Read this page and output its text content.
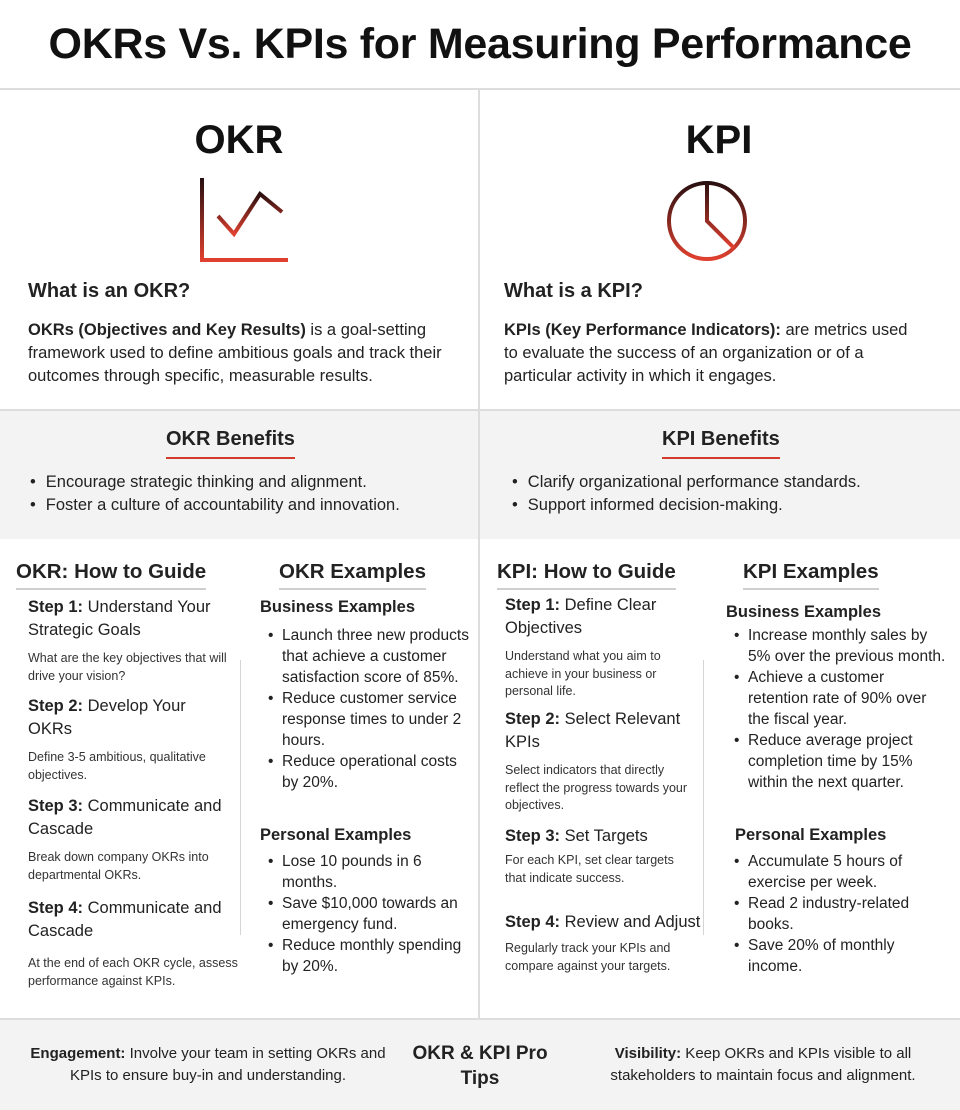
OKRs Vs. KPIs for Measuring Performance
OKR
What is an OKR?
OKRs (Objectives and Key Results) is a goal-setting framework used to define ambitious goals and track their outcomes through specific, measurable results.
KPI
What is a KPI?
KPIs (Key Performance Indicators): are metrics used to evaluate the success of an organization or of a particular activity in which it engages.
OKR Benefits
• Encourage strategic thinking and alignment.
• Foster a culture of accountability and innovation.
KPI Benefits
• Clarify organizational performance standards.
• Support informed decision-making.
OKR: How to Guide
Step 1: Understand Your Strategic Goals
What are the key objectives that will drive your vision?
Step 2: Develop Your OKRs
Define 3-5 ambitious, qualitative objectives.
Step 3: Communicate and Cascade
Break down company OKRs into departmental OKRs.
Step 4: Communicate and Cascade
At the end of each OKR cycle, assess performance against KPIs.
OKR Examples
Business Examples
• Launch three new products that achieve a customer satisfaction score of 85%.
• Reduce customer service response times to under 2 hours.
• Reduce operational costs by 20%.
Personal Examples
• Lose 10 pounds in 6 months.
• Save $10,000 towards an emergency fund.
• Reduce monthly spending by 20%.
KPI: How to Guide
Step 1: Define Clear Objectives
Understand what you aim to achieve in your business or personal life.
Step 2: Select Relevant KPIs
Select indicators that directly reflect the progress towards your objectives.
Step 3: Set Targets
For each KPI, set clear targets that indicate success.
Step 4: Review and Adjust
Regularly track your KPIs and compare against your targets.
KPI Examples
Business Examples
• Increase monthly sales by 5% over the previous month.
• Achieve a customer retention rate of 90% over the fiscal year.
• Reduce average project completion time by 15% within the next quarter.
Personal Examples
• Accumulate 5 hours of exercise per week.
• Read 2 industry-related books.
• Save 20% of monthly income.
Engagement: Involve your team in setting OKRs and KPIs to ensure buy-in and understanding.
OKR & KPI Pro Tips
Visibility: Keep OKRs and KPIs visible to all stakeholders to maintain focus and alignment.
